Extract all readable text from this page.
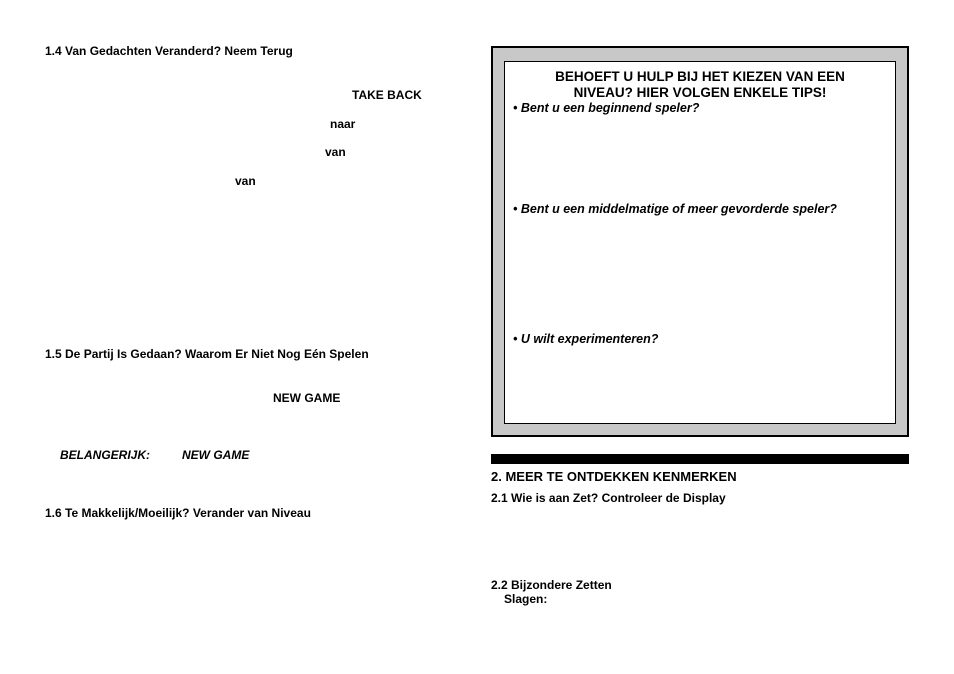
1.4 Van Gedachten Veranderd? Neem Terug
TAKE BACK
naar
van
van
1.5 De Partij Is Gedaan? Waarom Er Niet Nog Eén Spelen
NEW GAME
BELANGERIJK:	NEW GAME
1.6 Te Makkelijk/Moeilijk? Verander van Niveau
BEHOEFT U HULP BIJ HET KIEZEN VAN EEN
NIVEAU? HIER VOLGEN ENKELE TIPS!
• Bent u een beginnend speler?
• Bent u een middelmatige of meer gevorderde speler?
• U wilt experimenteren?
2. MEER TE ONTDEKKEN KENMERKEN
2.1 Wie is aan Zet? Controleer de Display
2.2 Bijzondere Zetten
Slagen:
